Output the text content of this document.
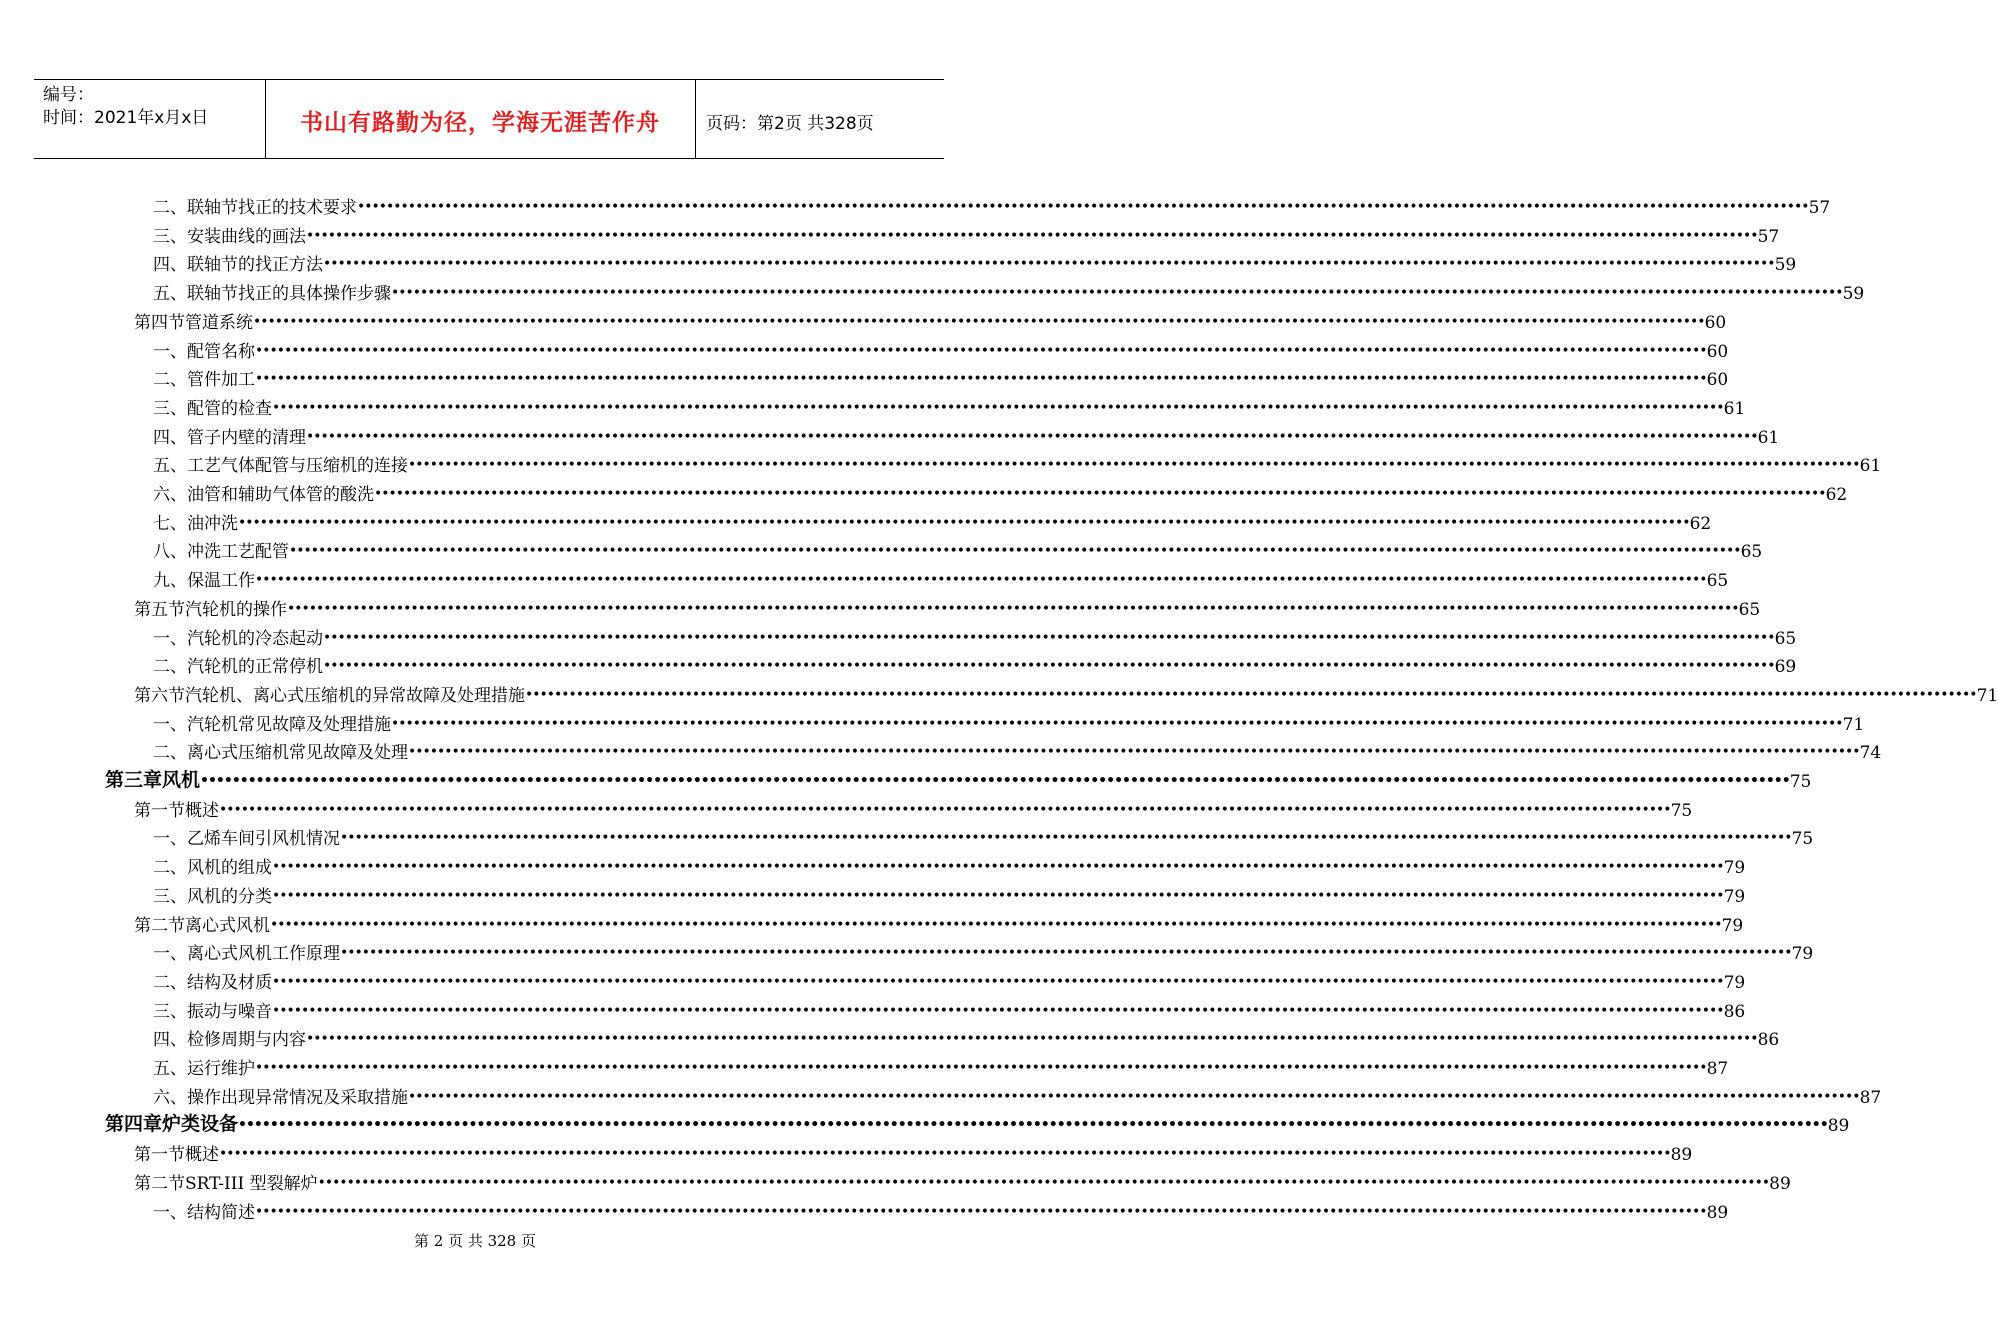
编号：
时间：2021年x月x日	书山有路勤为径，学海无涯苦作舟	页码：第2页 共328页
二、 联轴节找正的技术要求 •••••••••••••••••••••••••••••••••••••••••••••••••••••••••••••••••••••••••••••••••••••••••••••••••••••••••••••••••••••••••••••••••••••••••••••••••••••••••••••••••••••••••••••••••••••••••••••••••••••••• 57
三、 安装曲线的画法 •••••••••••••••••••••••••••••••••••••••••••••••••••••••••••••••••••••••••••••••••••••••••••••••••••••••••••••••••••••••••••••••••••••••••••••••••••••••••••••••••••••••••••••••••••••••••••••••••••••••• 57
四、 联轴节的找正方法 •••••••••••••••••••••••••••••••••••••••••••••••••••••••••••••••••••••••••••••••••••••••••••••••••••••••••••••••••••••••••••••••••••••••••••••••••••••••••••••••••••••••••••••••••••••••••••••••••••••••• 59
五、 联轴节找正的具体操作步骤 •••••••••••••••••••••••••••••••••••••••••••••••••••••••••••••••••••••••••••••••••••••••••••••••••••••••••••••••••••••••••••••••••••••••••••••••••••••••••••••••••••••••••••••••••••••••••••••••••••••••• 59
第四节 管道系统 •••••••••••••••••••••••••••••••••••••••••••••••••••••••••••••••••••••••••••••••••••••••••••••••••••••••••••••••••••••••••••••••••••••••••••••••••••••••••••••••••••••••••••••••••••••••••••••••••••••••• 60
一、 配管名称 •••••••••••••••••••••••••••••••••••••••••••••••••••••••••••••••••••••••••••••••••••••••••••••••••••••••••••••••••••••••••••••••••••••••••••••••••••••••••••••••••••••••••••••••••••••••••••••••••••••••• 60
二、 管件加工 •••••••••••••••••••••••••••••••••••••••••••••••••••••••••••••••••••••••••••••••••••••••••••••••••••••••••••••••••••••••••••••••••••••••••••••••••••••••••••••••••••••••••••••••••••••••••••••••••••••••• 60
三、 配管的检查 •••••••••••••••••••••••••••••••••••••••••••••••••••••••••••••••••••••••••••••••••••••••••••••••••••••••••••••••••••••••••••••••••••••••••••••••••••••••••••••••••••••••••••••••••••••••••••••••••••••••• 61
四、 管子内壁的清理 •••••••••••••••••••••••••••••••••••••••••••••••••••••••••••••••••••••••••••••••••••••••••••••••••••••••••••••••••••••••••••••••••••••••••••••••••••••••••••••••••••••••••••••••••••••••••••••••••••••••• 61
五、 工艺气体配管与压缩机的连接 •••••••••••••••••••••••••••••••••••••••••••••••••••••••••••••••••••••••••••••••••••••••••••••••••••••••••••••••••••••••••••••••••••••••••••••••••••••••••••••••••••••••••••••••••••••••••••••••••••••••• 61
六、 油管和辅助气体管的酸洗 •••••••••••••••••••••••••••••••••••••••••••••••••••••••••••••••••••••••••••••••••••••••••••••••••••••••••••••••••••••••••••••••••••••••••••••••••••••••••••••••••••••••••••••••••••••••••••••••••••••••• 62
七、 油冲洗 •••••••••••••••••••••••••••••••••••••••••••••••••••••••••••••••••••••••••••••••••••••••••••••••••••••••••••••••••••••••••••••••••••••••••••••••••••••••••••••••••••••••••••••••••••••••••••••••••••••••• 62
八、 冲洗工艺配管 •••••••••••••••••••••••••••••••••••••••••••••••••••••••••••••••••••••••••••••••••••••••••••••••••••••••••••••••••••••••••••••••••••••••••••••••••••••••••••••••••••••••••••••••••••••••••••••••••••••••• 65
九、 保温工作 •••••••••••••••••••••••••••••••••••••••••••••••••••••••••••••••••••••••••••••••••••••••••••••••••••••••••••••••••••••••••••••••••••••••••••••••••••••••••••••••••••••••••••••••••••••••••••••••••••••••• 65
第五节 汽轮机的操作 •••••••••••••••••••••••••••••••••••••••••••••••••••••••••••••••••••••••••••••••••••••••••••••••••••••••••••••••••••••••••••••••••••••••••••••••••••••••••••••••••••••••••••••••••••••••••••••••••••••••• 65
一、 汽轮机的冷态起动 •••••••••••••••••••••••••••••••••••••••••••••••••••••••••••••••••••••••••••••••••••••••••••••••••••••••••••••••••••••••••••••••••••••••••••••••••••••••••••••••••••••••••••••••••••••••••••••••••••••••• 65
二、 汽轮机的正常停机 •••••••••••••••••••••••••••••••••••••••••••••••••••••••••••••••••••••••••••••••••••••••••••••••••••••••••••••••••••••••••••••••••••••••••••••••••••••••••••••••••••••••••••••••••••••••••••••••••••••••• 69
第六节 汽轮机、离心式压缩机的异常故障及处理措施 •••••••••••••••••••••••••••••••••••••••••••••••••••••••••••••••••••••••••••••••••••••••••••••••••••••••••••••••••••••••••••••••••••••••••••••••••••••••••••••••••••••••••••••••••••••••••••••••••••••••• 71
一、 汽轮机常见故障及处理措施 •••••••••••••••••••••••••••••••••••••••••••••••••••••••••••••••••••••••••••••••••••••••••••••••••••••••••••••••••••••••••••••••••••••••••••••••••••••••••••••••••••••••••••••••••••••••••••••••••••••••• 71
二、 离心式压缩机常见故障及处理 •••••••••••••••••••••••••••••••••••••••••••••••••••••••••••••••••••••••••••••••••••••••••••••••••••••••••••••••••••••••••••••••••••••••••••••••••••••••••••••••••••••••••••••••••••••••••••••••••••••••• 74
第三章 风机 •••••••••••••••••••••••••••••••••••••••••••••••••••••••••••••••••••••••••••••••••••••••••••••••••••••••••••••••••••••••••••••••••••••••••••••••••••••••••••••••••••••••••••••••••••••••••••••••••••••••• 75
第一节 概述 •••••••••••••••••••••••••••••••••••••••••••••••••••••••••••••••••••••••••••••••••••••••••••••••••••••••••••••••••••••••••••••••••••••••••••••••••••••••••••••••••••••••••••••••••••••••••••••••••••••••• 75
一、 乙烯车间引风机情况 •••••••••••••••••••••••••••••••••••••••••••••••••••••••••••••••••••••••••••••••••••••••••••••••••••••••••••••••••••••••••••••••••••••••••••••••••••••••••••••••••••••••••••••••••••••••••••••••••••••••• 75
二、 风机的组成 •••••••••••••••••••••••••••••••••••••••••••••••••••••••••••••••••••••••••••••••••••••••••••••••••••••••••••••••••••••••••••••••••••••••••••••••••••••••••••••••••••••••••••••••••••••••••••••••••••••••• 79
三、 风机的分类 •••••••••••••••••••••••••••••••••••••••••••••••••••••••••••••••••••••••••••••••••••••••••••••••••••••••••••••••••••••••••••••••••••••••••••••••••••••••••••••••••••••••••••••••••••••••••••••••••••••••• 79
第二节 离心式风机 •••••••••••••••••••••••••••••••••••••••••••••••••••••••••••••••••••••••••••••••••••••••••••••••••••••••••••••••••••••••••••••••••••••••••••••••••••••••••••••••••••••••••••••••••••••••••••••••••••••••• 79
一、 离心式风机工作原理 •••••••••••••••••••••••••••••••••••••••••••••••••••••••••••••••••••••••••••••••••••••••••••••••••••••••••••••••••••••••••••••••••••••••••••••••••••••••••••••••••••••••••••••••••••••••••••••••••••••••• 79
二、 结构及材质 •••••••••••••••••••••••••••••••••••••••••••••••••••••••••••••••••••••••••••••••••••••••••••••••••••••••••••••••••••••••••••••••••••••••••••••••••••••••••••••••••••••••••••••••••••••••••••••••••••••••• 79
三、 振动与噪音 •••••••••••••••••••••••••••••••••••••••••••••••••••••••••••••••••••••••••••••••••••••••••••••••••••••••••••••••••••••••••••••••••••••••••••••••••••••••••••••••••••••••••••••••••••••••••••••••••••••••• 86
四、 检修周期与内容 •••••••••••••••••••••••••••••••••••••••••••••••••••••••••••••••••••••••••••••••••••••••••••••••••••••••••••••••••••••••••••••••••••••••••••••••••••••••••••••••••••••••••••••••••••••••••••••••••••••••• 86
五、 运行维护 •••••••••••••••••••••••••••••••••••••••••••••••••••••••••••••••••••••••••••••••••••••••••••••••••••••••••••••••••••••••••••••••••••••••••••••••••••••••••••••••••••••••••••••••••••••••••••••••••••••••• 87
六、 操作出现异常情况及采取措施 •••••••••••••••••••••••••••••••••••••••••••••••••••••••••••••••••••••••••••••••••••••••••••••••••••••••••••••••••••••••••••••••••••••••••••••••••••••••••••••••••••••••••••••••••••••••••••••••••••••••• 87
第四章 炉类设备 •••••••••••••••••••••••••••••••••••••••••••••••••••••••••••••••••••••••••••••••••••••••••••••••••••••••••••••••••••••••••••••••••••••••••••••••••••••••••••••••••••••••••••••••••••••••••••••••••••••••• 89
第一节 概述 •••••••••••••••••••••••••••••••••••••••••••••••••••••••••••••••••••••••••••••••••••••••••••••••••••••••••••••••••••••••••••••••••••••••••••••••••••••••••••••••••••••••••••••••••••••••••••••••••••••••• 89
第二节 SRT-III 型裂解炉 •••••••••••••••••••••••••••••••••••••••••••••••••••••••••••••••••••••••••••••••••••••••••••••••••••••••••••••••••••••••••••••••••••••••••••••••••••••••••••••••••••••••••••••••••••••••••••••••••••••••• 89
一、 结构简述 •••••••••••••••••••••••••••••••••••••••••••••••••••••••••••••••••••••••••••••••••••••••••••••••••••••••••••••••••••••••••••••••••••••••••••••••••••••••••••••••••••••••••••••••••••••••••••••••••••••••• 89
第 2 页 共 328 页
